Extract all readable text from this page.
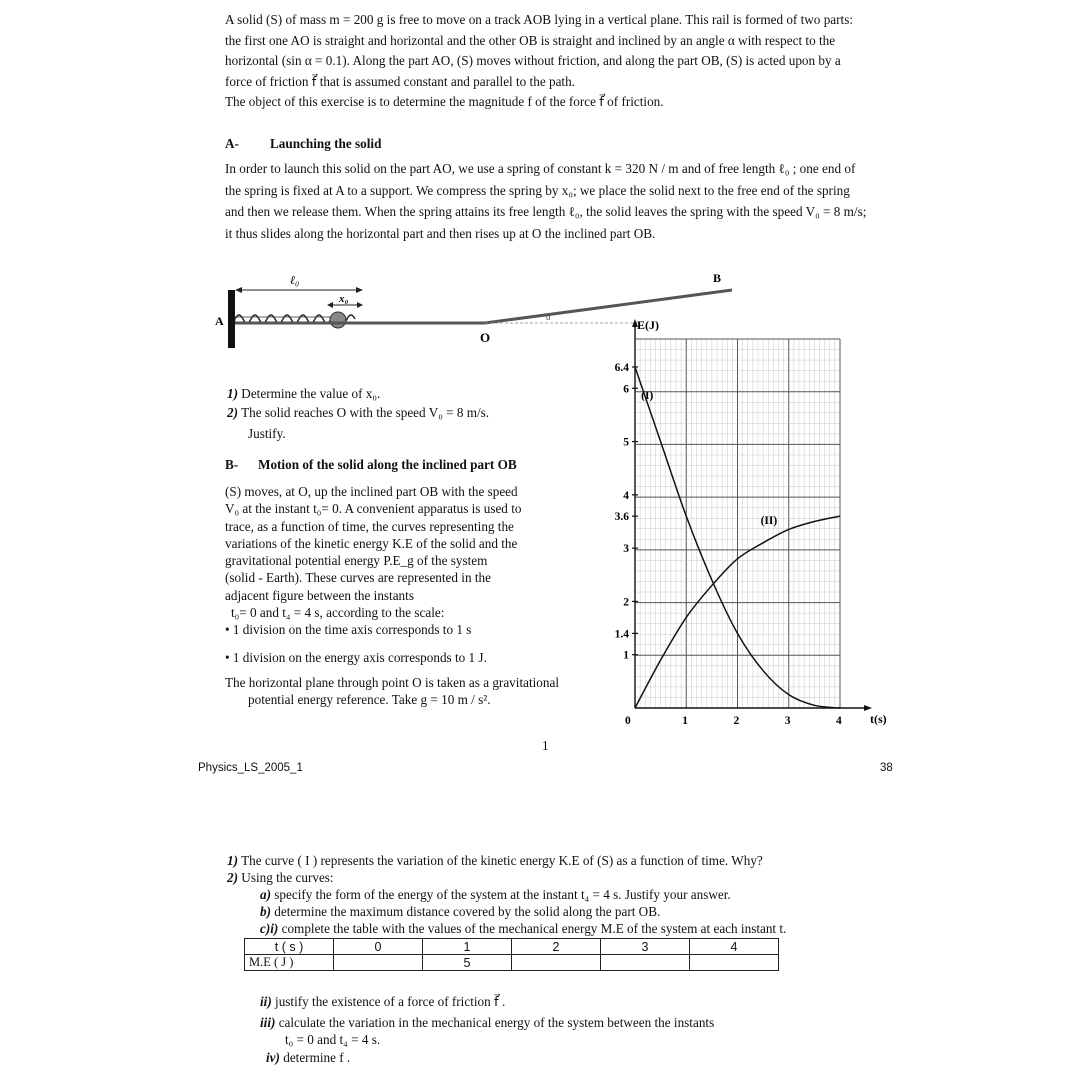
A solid (S) of mass m = 200 g is free to move on a track AOB lying in a vertical plane. This rail is formed of two parts: the first one AO is straight and horizontal and the other OB is straight and inclined by an angle α with respect to the horizontal (sin α = 0.1). Along the part AO, (S) moves without friction, and along the part OB, (S) is acted upon by a force of friction f⃗ that is assumed constant and parallel to the path.

The object of this exercise is to determine the magnitude f of the force f⃗ of friction.

A- Launching the solid
In order to launch this solid on the part AO, we use a spring of constant k = 320 N / m and of free length ℓ₀ ; one end of the spring is fixed at A to a support. We compress the spring by x₀; we place the solid next to the free end of the spring and then we release them. When the spring attains its free length ℓ₀, the solid leaves the spring with the speed V₀ = 8 m/s; it thus slides along the horizontal part and then rises up at O the inclined part OB.
A	α
O
B
ℓ₀
x₀
1) Determine the value of x₀.
2) The solid reaches O with the speed V₀ = 8 m/s.
Justify.
B- Motion of the solid along the inclined part OB
(S) moves, at O, up the inclined part OB with the speed
V₀ at the instant t₀= 0. A convenient apparatus is used to
trace, as a function of time, the curves representing the
variations of the kinetic energy K.E of the solid and the
gravitational potential energy P.E_g of the system
(solid - Earth). These curves are represented in the
adjacent figure between the instants
t₀= 0 and t₄ = 4 s, according to the scale:
• 1 division on the time axis corresponds to 1 s
• 1 division on the energy axis corresponds to 1 J.
The horizontal plane through point O is taken as a gravitational
potential energy reference. Take g = 10 m / s².
E(J)
t(s)
1
1.4
2
3
3.6
4
5
6
6.4
0	1	2	3	4
(I)
(II)
1
Physics_LS_2005_1	38
1) The curve ( I ) represents the variation of the kinetic energy K.E of (S) as a function of time. Why?
2) Using the curves:
a) specify the form of the energy of the system at the instant t₄ = 4 s. Justify your answer.
b) determine the maximum distance covered by the solid along the part OB.
c)i) complete the table with the values of the mechanical energy M.E of the system at each instant t.
t ( s )	0	1	2	3	4
M.E ( J )		5			
ii) justify the existence of a force of friction f⃗ .
iii) calculate the variation in the mechanical energy of the system between the instants
t₀ = 0 and t₄ = 4 s.
iv) determine f .
